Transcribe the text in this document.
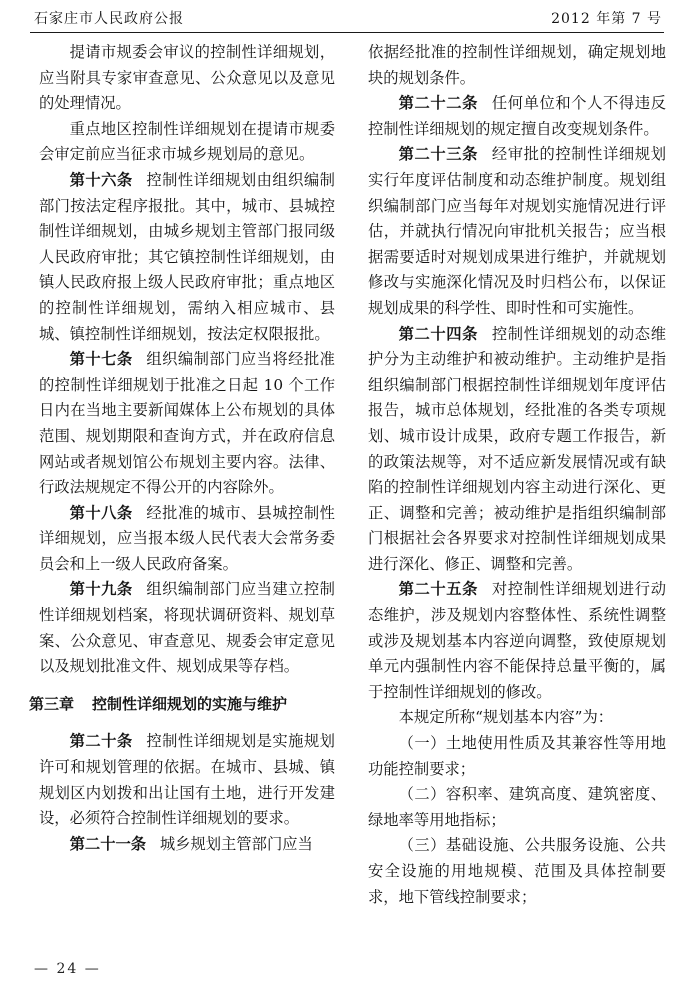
石家庄市人民政府公报	2012 年第 7 号

提请市规委会审议的控制性详细规划，应当附具专家审查意见、公众意见以及意见的处理情况。

重点地区控制性详细规划在提请市规委会审定前应当征求市城乡规划局的意见。

第十六条 控制性详细规划由组织编制部门按法定程序报批。其中，城市、县城控制性详细规划，由城乡规划主管部门报同级人民政府审批；其它镇控制性详细规划，由镇人民政府报上级人民政府审批；重点地区的控制性详细规划，需纳入相应城市、县城、镇控制性详细规划，按法定权限报批。

第十七条 组织编制部门应当将经批准的控制性详细规划于批准之日起 10 个工作日内在当地主要新闻媒体上公布规划的具体范围、规划期限和查询方式，并在政府信息网站或者规划馆公布规划主要内容。法律、行政法规规定不得公开的内容除外。

第十八条 经批准的城市、县城控制性详细规划，应当报本级人民代表大会常务委员会和上一级人民政府备案。

第十九条 组织编制部门应当建立控制性详细规划档案，将现状调研资料、规划草案、公众意见、审查意见、规委会审定意见以及规划批准文件、规划成果等存档。

第三章 控制性详细规划的实施与维护

第二十条 控制性详细规划是实施规划许可和规划管理的依据。在城市、县城、镇规划区内划拨和出让国有土地，进行开发建设，必须符合控制性详细规划的要求。

第二十一条 城乡规划主管部门应当

依据经批准的控制性详细规划，确定规划地块的规划条件。

第二十二条 任何单位和个人不得违反控制性详细规划的规定擅自改变规划条件。

第二十三条 经审批的控制性详细规划实行年度评估制度和动态维护制度。规划组织编制部门应当每年对规划实施情况进行评估，并就执行情况向审批机关报告；应当根据需要适时对规划成果进行维护，并就规划修改与实施深化情况及时归档公布，以保证规划成果的科学性、即时性和可实施性。

第二十四条 控制性详细规划的动态维护分为主动维护和被动维护。主动维护是指组织编制部门根据控制性详细规划年度评估报告，城市总体规划，经批准的各类专项规划、城市设计成果，政府专题工作报告，新的政策法规等，对不适应新发展情况或有缺陷的控制性详细规划内容主动进行深化、更正、调整和完善；被动维护是指组织编制部门根据社会各界要求对控制性详细规划成果进行深化、修正、调整和完善。

第二十五条 对控制性详细规划进行动态维护，涉及规划内容整体性、系统性调整或涉及规划基本内容逆向调整，致使原规划单元内强制性内容不能保持总量平衡的，属于控制性详细规划的修改。

本规定所称“规划基本内容”为：

（一）土地使用性质及其兼容性等用地功能控制要求；

（二）容积率、建筑高度、建筑密度、绿地率等用地指标；

（三）基础设施、公共服务设施、公共安全设施的用地规模、范围及具体控制要求，地下管线控制要求；

— 24 —
